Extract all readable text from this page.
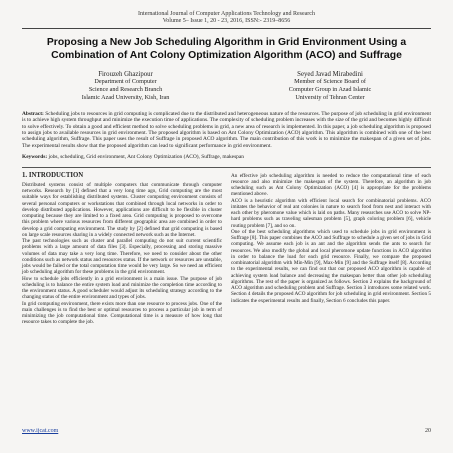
International Journal of Computer Applications Technology and Research
Volume 5– Issue 1, 20 - 23, 2016, ISSN:- 2319–8656
Proposing a New Job Scheduling Algorithm in Grid Environment Using a Combination of Ant Colony Optimization Algorithm (ACO) and Suffrage
Firouzeh Ghazipour
Department of Computer
Science and Research Branch
Islamic Azad University, Kish, Iran
Seyed Javad Mirabedini
Member of Science Board of
Computer Group in Azad Islamic
University of Tehran Center
Abstract: Scheduling jobs to resources in grid computing is complicated due to the distributed and heterogeneous nature of the resources. The purpose of job scheduling in grid environment is to achieve high system throughput and minimize the execution time of applications. The complexity of scheduling problem increases with the size of the grid and becomes highly difficult to solve effectively. To obtain a good and efficient method to solve scheduling problems in grid, a new area of research is implemented. In this paper, a job scheduling algorithm is proposed to assign jobs to available resources in grid environment. The proposed algorithm is based on Ant Colony Optimization (ACO) algorithm. This algorithm is combined with one of the best scheduling algorithm, Suffrage. This paper uses the result of Suffrage in proposed ACO algorithm. The main contribution of this work is to minimize the makespan of a given set of jobs. The experimental results show that the proposed algorithm can lead to significant performance in grid environment.
Keywords: jobs, scheduling, Grid environment, Ant Colony Optimization (ACO), Suffrage, makespan
1. INTRODUCTION
Distributed systems consist of multiple computers that communicate through computer networks. Research by [1] defined that a very long time ago, Grid computing are the most suitable ways for establishing distributed systems. Cluster computing environment consists of several personal computers or workstations that combined through local networks in order to develop distributed applications. However, applications are difficult to be flexible in cluster computing because they are limited to a fixed area. Grid computing is proposed to overcome this problem where various resources from different geographic area are combined in order to develop a grid computing environment. The study by [2] defined that grid computing is based on large scale resources sharing in a widely connected network such as the Internet.
The past technologies such as cluster and parallel computing do not suit current scientific problems with a large amount of data files [3]. Especially, processing and storing massive volumes of data may take a very long time. Therefore, we need to consider about the other conditions such as network status and resources status. If the network or resources are unstable, jobs would be failed or the total computation time would be very large. So we need an efficient job scheduling algorithm for these problems in the grid environment.
How to schedule jobs efficiently in a grid environment is a main issue. The purpose of job scheduling is to balance the entire system load and minimize the completion time according to the environment status. A good scheduler would adjust its scheduling strategy according to the changing status of the entire environment and types of jobs.
In grid computing environment, there exists more than one resource to process jobs. One of the main challenges is to find the best or optimal resources to process a particular job in term of minimizing the job computational time. Computational time is a measure of how long that resource takes to complete the job.
An effective job scheduling algorithm is needed to reduce the computational time of each resource and also minimize the makespan of the system. Therefore, an algorithm in job scheduling such as Ant Colony Optimization (ACO) [4] is appropriate for the problems mentioned above.
ACO is a heuristic algorithm with efficient local search for combinatorial problems. ACO imitates the behavior of real ant colonies in nature to search food from nest and interact with each other by pheromone value which is laid on paths. Many researches use ACO to solve NP-hard problems such as traveling salesman problem [5], graph coloring problem [6], vehicle routing problem [7], and so on.
One of the best scheduling algorithms which used to schedule jobs in grid environment is Suffrage [8]. This paper combines the ACO and Suffrage to schedule a given set of jobs in Grid computing. We assume each job is an ant and the algorithm sends the ants to search for resources. We also modify the global and local pheromone update functions in ACO algorithm in order to balance the load for each grid resource. Finally, we compare the proposed combinatorial algorithm with Min-Min [9], Max-Min [9] and the Suffrage itself [8]. According to the experimental results, we can find out that our proposed ACO algorithm is capable of achieving system load balance and decreasing the makespan better than other job scheduling algorithms. The rest of the paper is organized as follows. Section 2 explains the background of ACO algorithm and scheduling problem and Suffrage. Section 3 introduces some related work. Section 4 details the proposed ACO algorithm for job scheduling in grid environment. Section 5 indicates the experimental results and finally, Section 6 concludes this paper.
www.ijcat.com	20
